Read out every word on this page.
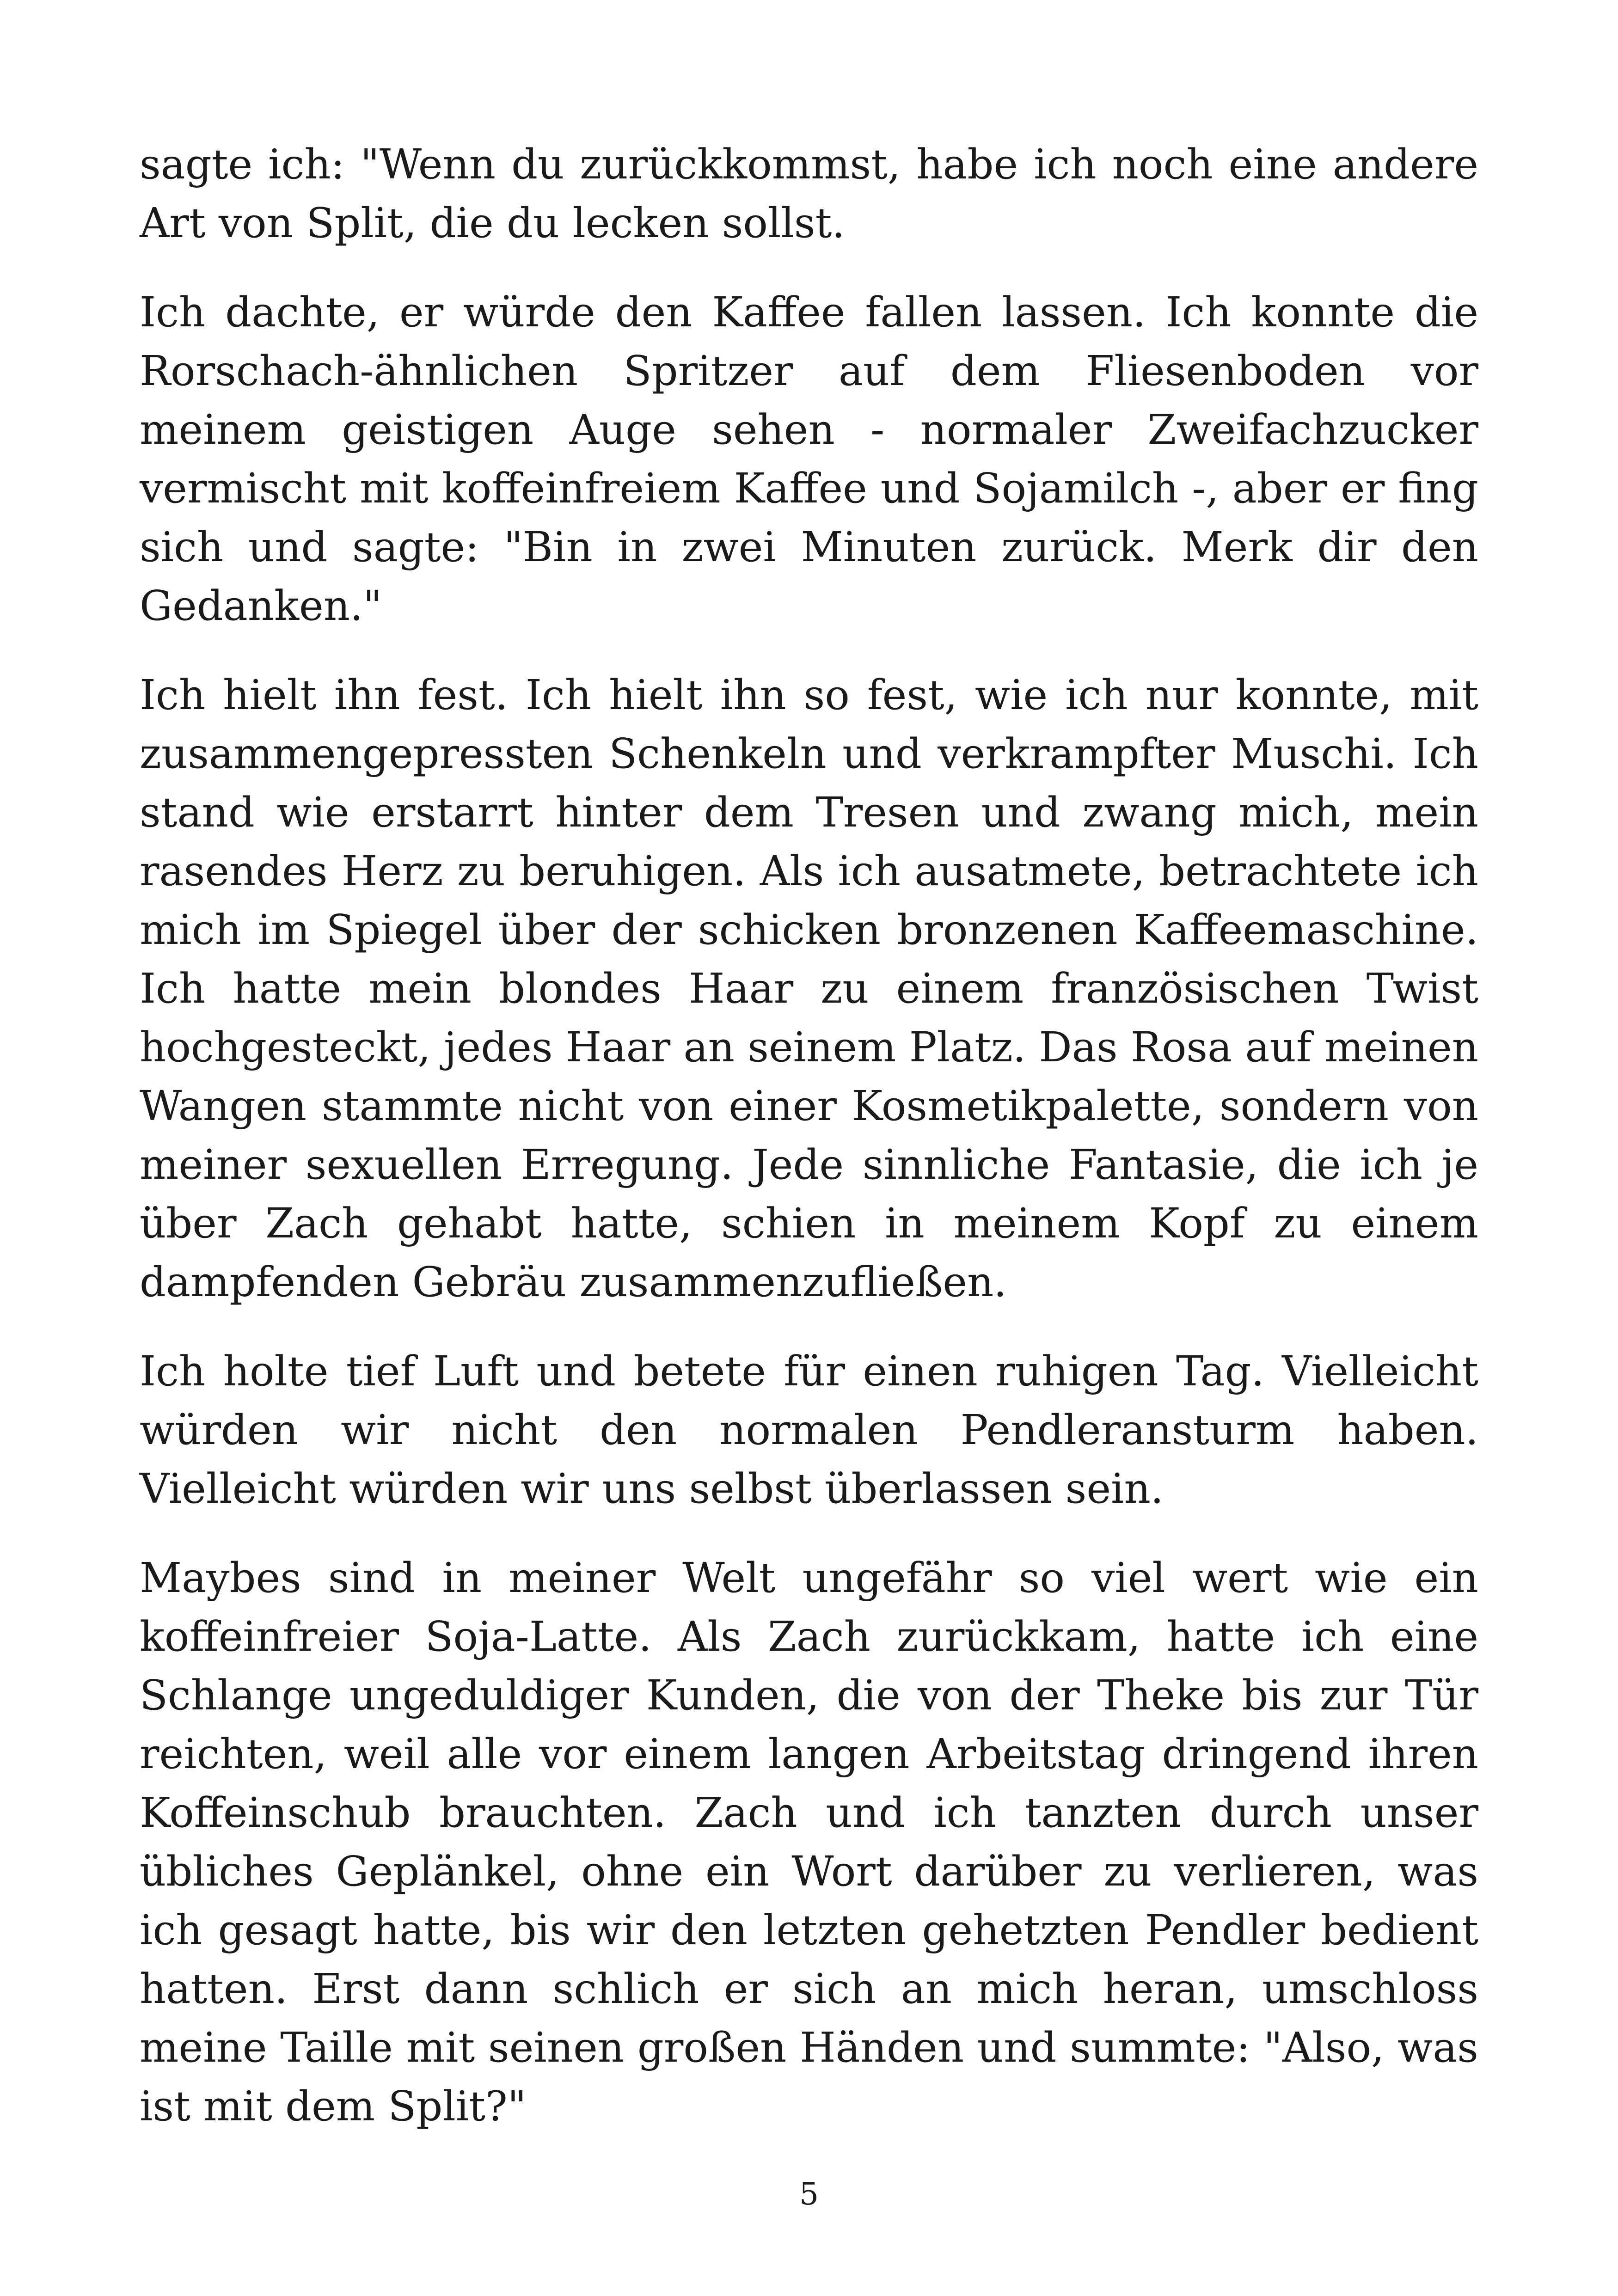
sagte ich: "Wenn du zurückkommst, habe ich noch eine andere Art von Split, die du lecken sollst.

Ich dachte, er würde den Kaffee fallen lassen. Ich konnte die Rorschach-ähnlichen Spritzer auf dem Fliesenboden vor meinem geistigen Auge sehen - normaler Zweifachzucker vermischt mit koffeinfreiem Kaffee und Sojamilch -, aber er fing sich und sagte: "Bin in zwei Minuten zurück. Merk dir den Gedanken."

Ich hielt ihn fest. Ich hielt ihn so fest, wie ich nur konnte, mit zusammengepressten Schenkeln und verkrampfter Muschi. Ich stand wie erstarrt hinter dem Tresen und zwang mich, mein rasendes Herz zu beruhigen. Als ich ausatmete, betrachtete ich mich im Spiegel über der schicken bronzenen Kaffeemaschine. Ich hatte mein blondes Haar zu einem französischen Twist hochgesteckt, jedes Haar an seinem Platz. Das Rosa auf meinen Wangen stammte nicht von einer Kosmetikpalette, sondern von meiner sexuellen Erregung. Jede sinnliche Fantasie, die ich je über Zach gehabt hatte, schien in meinem Kopf zu einem dampfenden Gebräu zusammenzufließen.

Ich holte tief Luft und betete für einen ruhigen Tag. Vielleicht würden wir nicht den normalen Pendleransturm haben. Vielleicht würden wir uns selbst überlassen sein.

Maybes sind in meiner Welt ungefähr so viel wert wie ein koffeinfreier Soja-Latte. Als Zach zurückkam, hatte ich eine Schlange ungeduldiger Kunden, die von der Theke bis zur Tür reichten, weil alle vor einem langen Arbeitstag dringend ihren Koffeinschub brauchten. Zach und ich tanzten durch unser übliches Geplänkel, ohne ein Wort darüber zu verlieren, was ich gesagt hatte, bis wir den letzten gehetzten Pendler bedient hatten. Erst dann schlich er sich an mich heran, umschloss meine Taille mit seinen großen Händen und summte: "Also, was ist mit dem Split?"

5
